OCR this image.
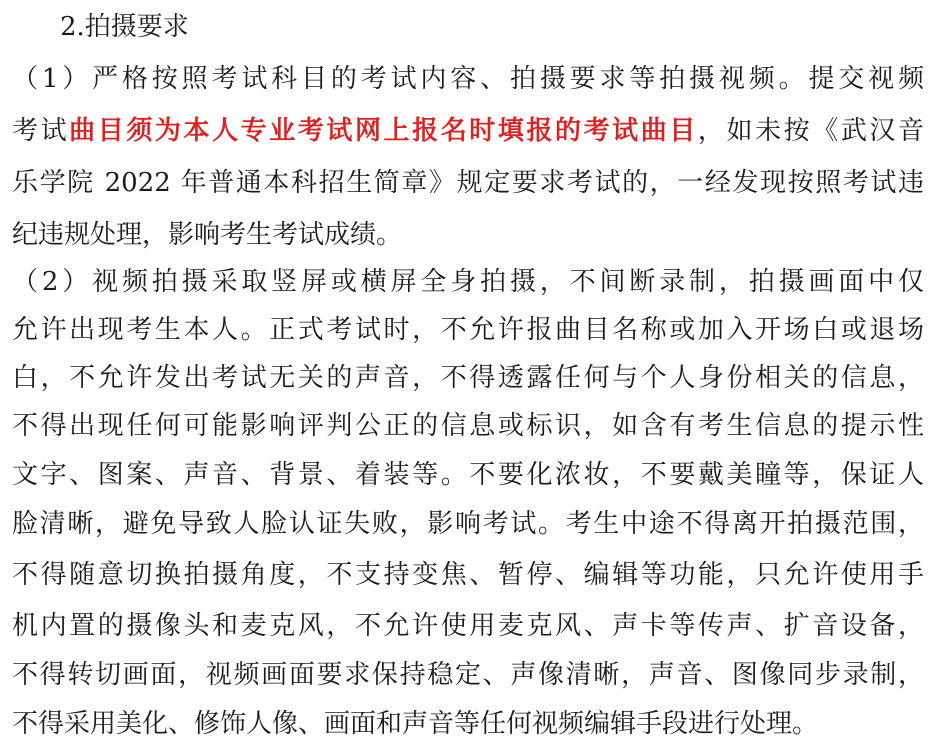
2.拍摄要求
（1）严格按照考试科目的考试内容、拍摄要求等拍摄视频。提交视频
考试曲目须为本人专业考试网上报名时填报的考试曲目，如未按《武汉音
乐学院 2022 年普通本科招生简章》规定要求考试的，一经发现按照考试违
纪违规处理，影响考生考试成绩。
（2）视频拍摄采取竖屏或横屏全身拍摄，不间断录制，拍摄画面中仅
允许出现考生本人。正式考试时，不允许报曲目名称或加入开场白或退场
白，不允许发出考试无关的声音，不得透露任何与个人身份相关的信息，
不得出现任何可能影响评判公正的信息或标识，如含有考生信息的提示性
文字、图案、声音、背景、着装等。不要化浓妆，不要戴美瞳等，保证人
脸清晰，避免导致人脸认证失败，影响考试。考生中途不得离开拍摄范围，
不得随意切换拍摄角度，不支持变焦、暂停、编辑等功能，只允许使用手
机内置的摄像头和麦克风，不允许使用麦克风、声卡等传声、扩音设备，
不得转切画面，视频画面要求保持稳定、声像清晰，声音、图像同步录制，
不得采用美化、修饰人像、画面和声音等任何视频编辑手段进行处理。
